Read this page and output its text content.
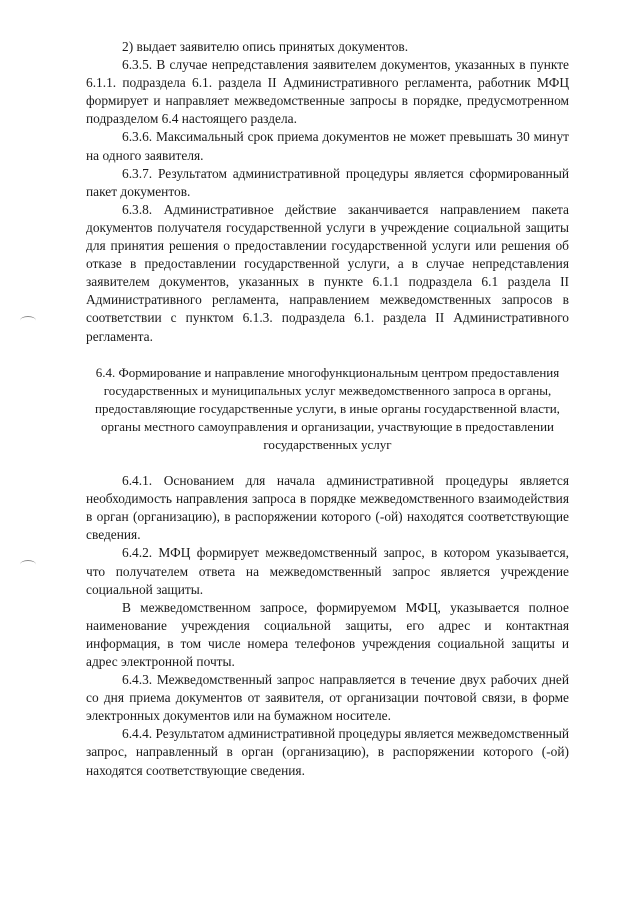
2) выдает заявителю опись принятых документов.

6.3.5. В случае непредставления заявителем документов, указанных в пункте 6.1.1. подраздела 6.1. раздела II Административного регламента, работник МФЦ формирует и направляет межведомственные запросы в порядке, предусмотренном подразделом 6.4 настоящего раздела.

6.3.6. Максимальный срок приема документов не может превышать 30 минут на одного заявителя.

6.3.7. Результатом административной процедуры является сформированный пакет документов.

6.3.8. Административное действие заканчивается направлением пакета документов получателя государственной услуги в учреждение социальной защиты для принятия решения о предоставлении государственной услуги или решения об отказе в предоставлении государственной услуги, а в случае непредставления заявителем документов, указанных в пункте 6.1.1 подраздела 6.1 раздела II Административного регламента, направлением межведомственных запросов в соответствии с пунктом 6.1.3. подраздела 6.1. раздела II Административного регламента.

6.4. Формирование и направление многофункциональным центром предоставления государственных и муниципальных услуг межведомственного запроса в органы, предоставляющие государственные услуги, в иные органы государственной власти, органы местного самоуправления и организации, участвующие в предоставлении государственных услуг

6.4.1. Основанием для начала административной процедуры является необходимость направления запроса в порядке межведомственного взаимодействия в орган (организацию), в распоряжении которого (-ой) находятся соответствующие сведения.

6.4.2. МФЦ формирует межведомственный запрос, в котором указывается, что получателем ответа на межведомственный запрос является учреждение социальной защиты.

В межведомственном запросе, формируемом МФЦ, указывается полное наименование учреждения социальной защиты, его адрес и контактная информация, в том числе номера телефонов учреждения социальной защиты и адрес электронной почты.

6.4.3. Межведомственный запрос направляется в течение двух рабочих дней со дня приема документов от заявителя, от организации почтовой связи, в форме электронных документов или на бумажном носителе.

6.4.4. Результатом административной процедуры является межведомственный запрос, направленный в орган (организацию), в распоряжении которого (-ой) находятся соответствующие сведения.
